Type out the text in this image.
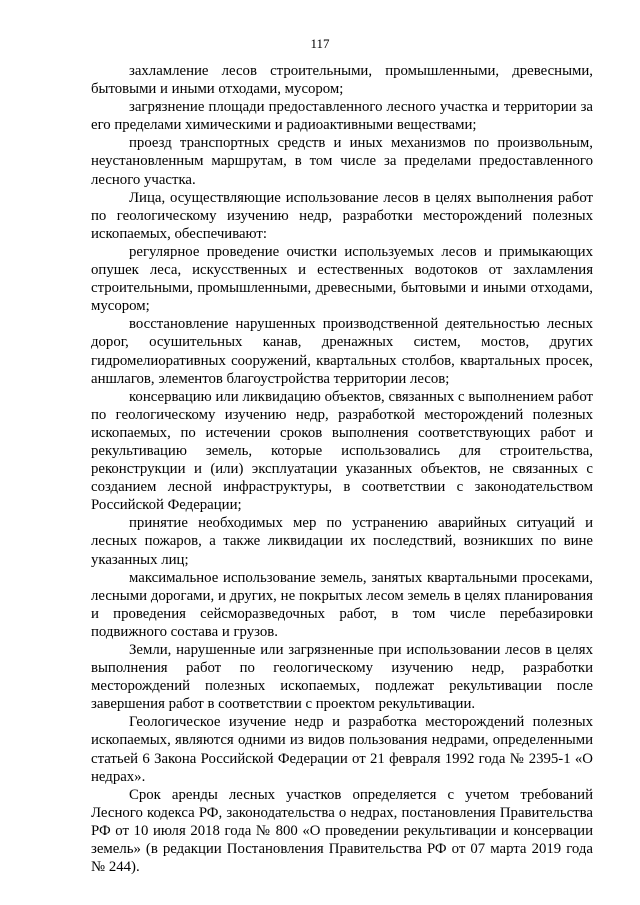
117

захламление лесов строительными, промышленными, древесными, бытовыми и иными отходами, мусором;

загрязнение площади предоставленного лесного участка и территории за его пределами химическими и радиоактивными веществами;

проезд транспортных средств и иных механизмов по произвольным, неустановленным маршрутам, в том числе за пределами предоставленного лесного участка.

Лица, осуществляющие использование лесов в целях выполнения работ по геологическому изучению недр, разработки месторождений полезных ископаемых, обеспечивают:

регулярное проведение очистки используемых лесов и примыкающих опушек леса, искусственных и естественных водотоков от захламления строительными, промышленными, древесными, бытовыми и иными отходами, мусором;

восстановление нарушенных производственной деятельностью лесных дорог, осушительных канав, дренажных систем, мостов, других гидромелиоративных сооружений, квартальных столбов, квартальных просек, аншлагов, элементов благоустройства территории лесов;

консервацию или ликвидацию объектов, связанных с выполнением работ по геологическому изучению недр, разработкой месторождений полезных ископаемых, по истечении сроков выполнения соответствующих работ и рекультивацию земель, которые использовались для строительства, реконструкции и (или) эксплуатации указанных объектов, не связанных с созданием лесной инфраструктуры, в соответствии с законодательством Российской Федерации;

принятие необходимых мер по устранению аварийных ситуаций и лесных пожаров, а также ликвидации их последствий, возникших по вине указанных лиц;

максимальное использование земель, занятых квартальными просеками, лесными дорогами, и других, не покрытых лесом земель в целях планирования и проведения сейсморазведочных работ, в том числе перебазировки подвижного состава и грузов.

Земли, нарушенные или загрязненные при использовании лесов в целях выполнения работ по геологическому изучению недр, разработки месторождений полезных ископаемых, подлежат рекультивации после завершения работ в соответствии с проектом рекультивации.

Геологическое изучение недр и разработка месторождений полезных ископаемых, являются одними из видов пользования недрами, определенными статьей 6 Закона Российской Федерации от 21 февраля 1992 года № 2395-1 «О недрах».

Срок аренды лесных участков определяется с учетом требований Лесного кодекса РФ, законодательства о недрах, постановления Правительства РФ от 10 июля 2018 года № 800 «О проведении рекультивации и консервации земель» (в редакции Постановления Правительства РФ от 07 марта 2019 года № 244).
